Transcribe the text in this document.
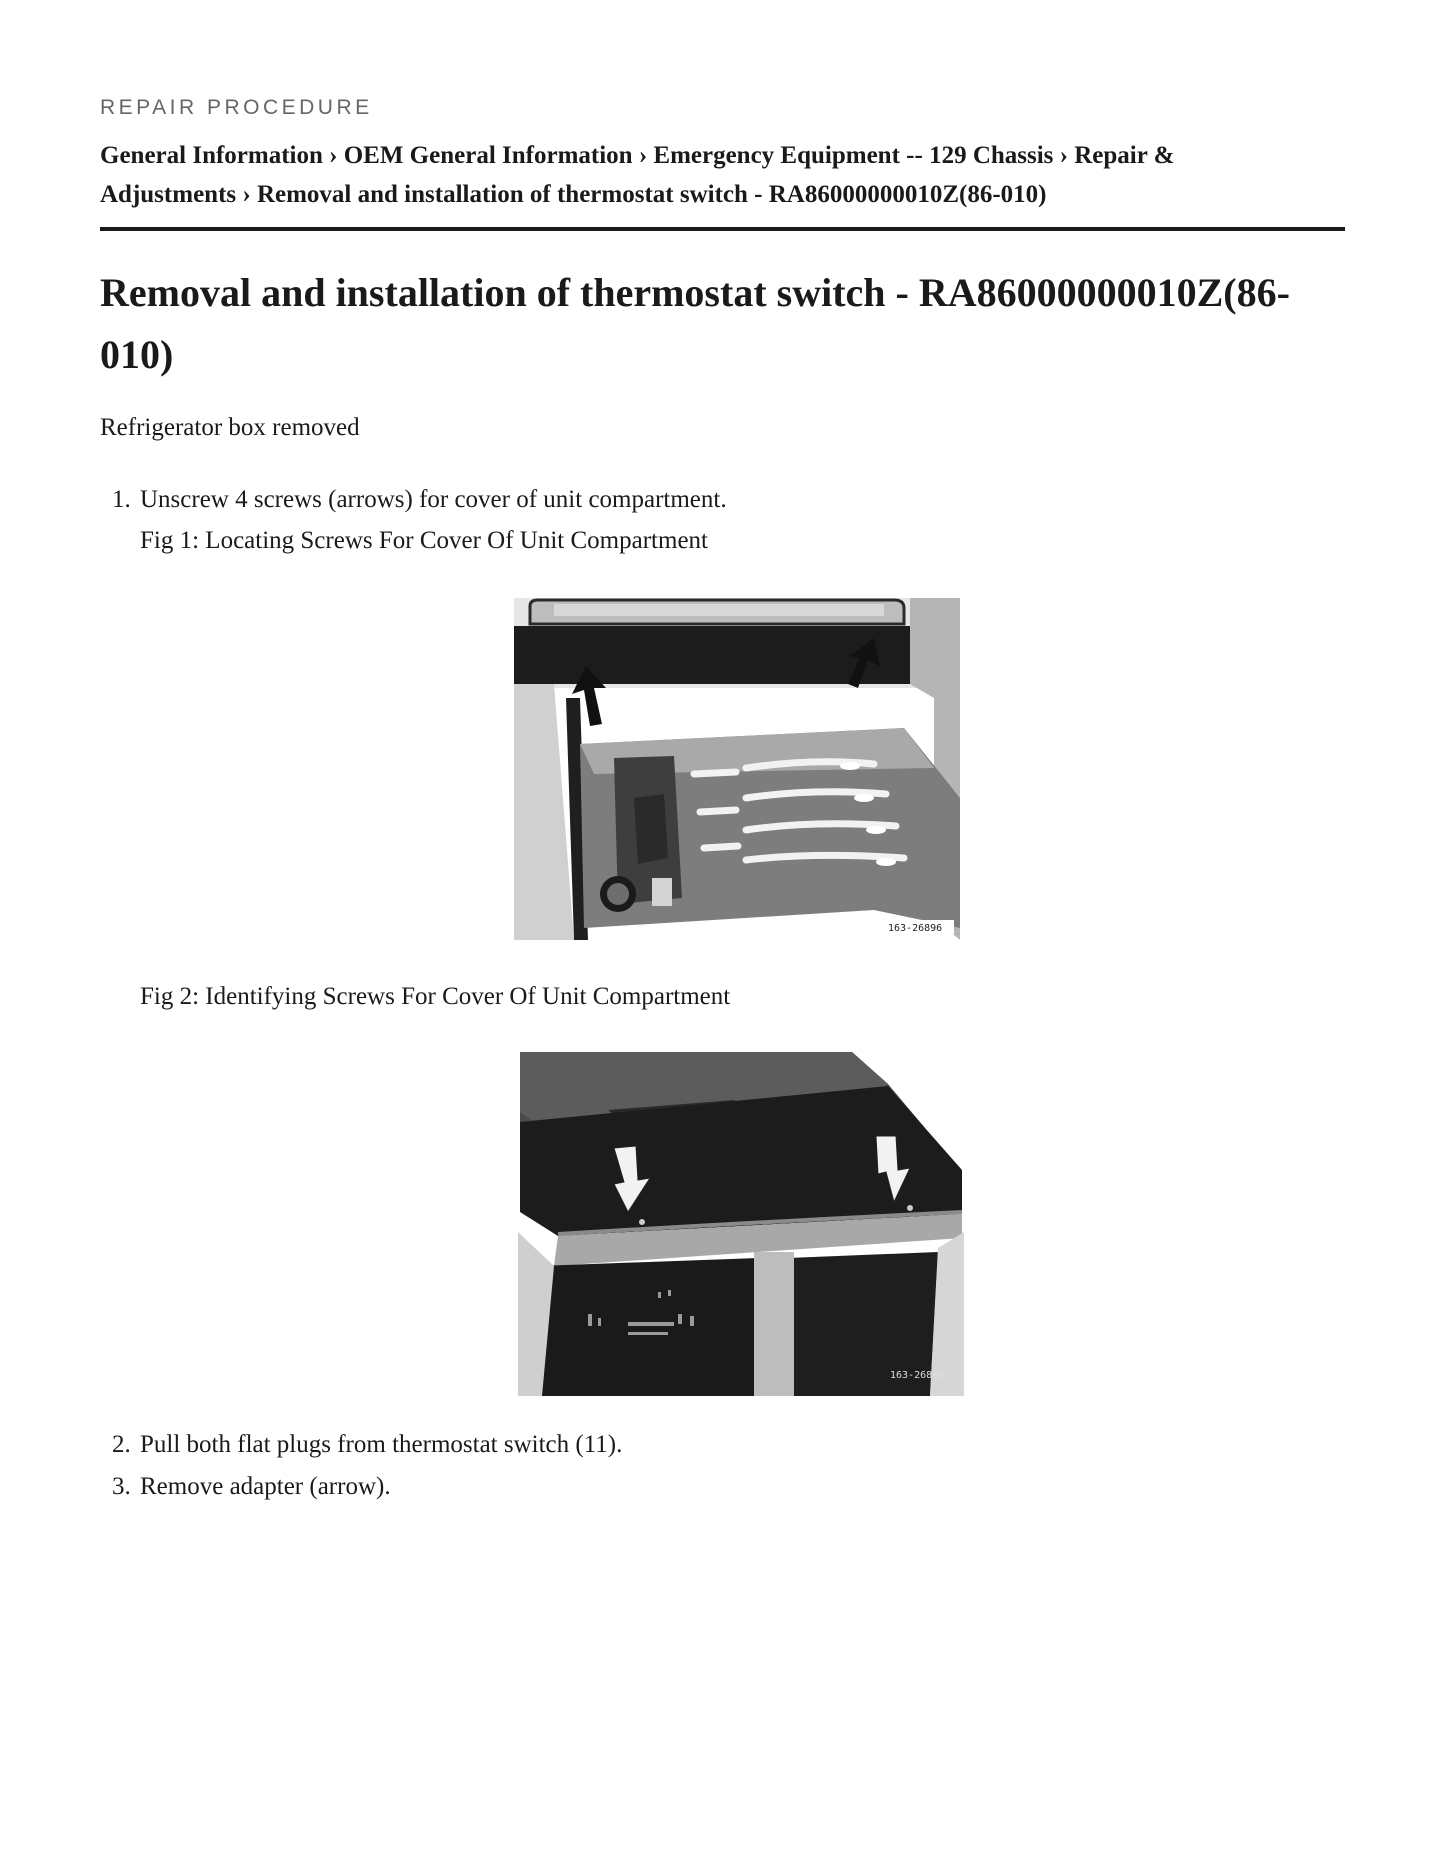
REPAIR PROCEDURE
General Information › OEM General Information › Emergency Equipment -- 129 Chassis › Repair &
Adjustments › Removal and installation of thermostat switch - RA86000000010Z(86-010)
Removal and installation of thermostat switch - RA86000000010Z(86-
010)
Refrigerator box removed
1. Unscrew 4 screws (arrows) for cover of unit compartment.
Fig 1: Locating Screws For Cover Of Unit Compartment
163-26896
Fig 2: Identifying Screws For Cover Of Unit Compartment
163-26895
2. Pull both flat plugs from thermostat switch (11).
3. Remove adapter (arrow).
